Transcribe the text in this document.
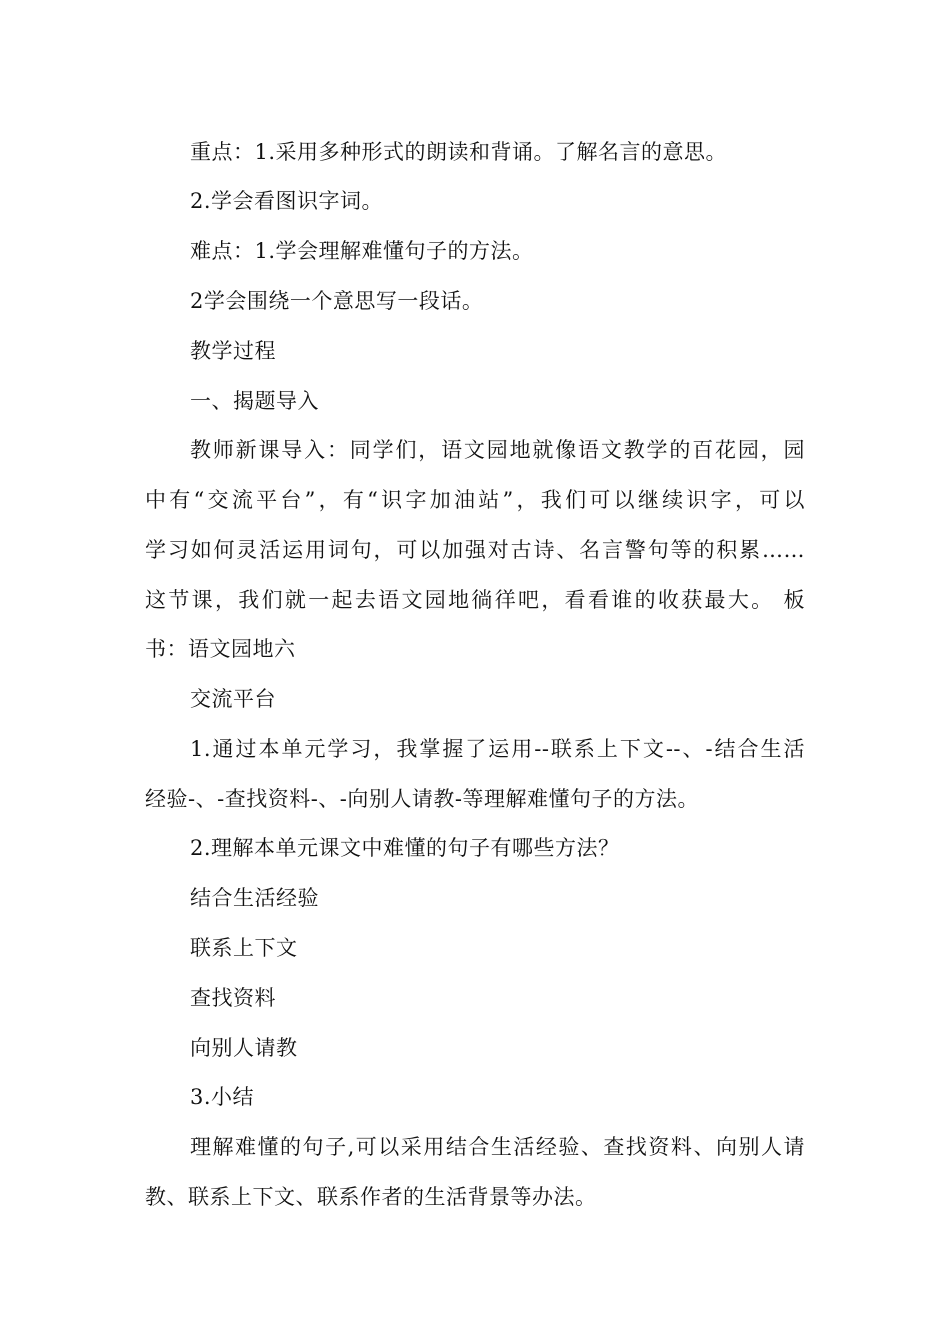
重点：1.采用多种形式的朗读和背诵。了解名言的意思。
2.学会看图识字词。
难点：1.学会理解难懂句子的方法。
2学会围绕一个意思写一段话。
教学过程
一、揭题导入
教师新课导入：同学们，语文园地就像语文教学的百花园，园
中有“交流平台”，有“识字加油站”，我们可以继续识字，可以
学习如何灵活运用词句，可以加强对古诗、名言警句等的积累……
这节课，我们就一起去语文园地徜徉吧，看看谁的收获最大。 板
书：语文园地六
交流平台
1.通过本单元学习，我掌握了运用--联系上下文--、-结合生活
经验-、-查找资料-、-向别人请教-等理解难懂句子的方法。
2.理解本单元课文中难懂的句子有哪些方法？
结合生活经验
联系上下文
查找资料
向别人请教
3.小结
理解难懂的句子,可以采用结合生活经验、查找资料、向别人请
教、联系上下文、联系作者的生活背景等办法。
